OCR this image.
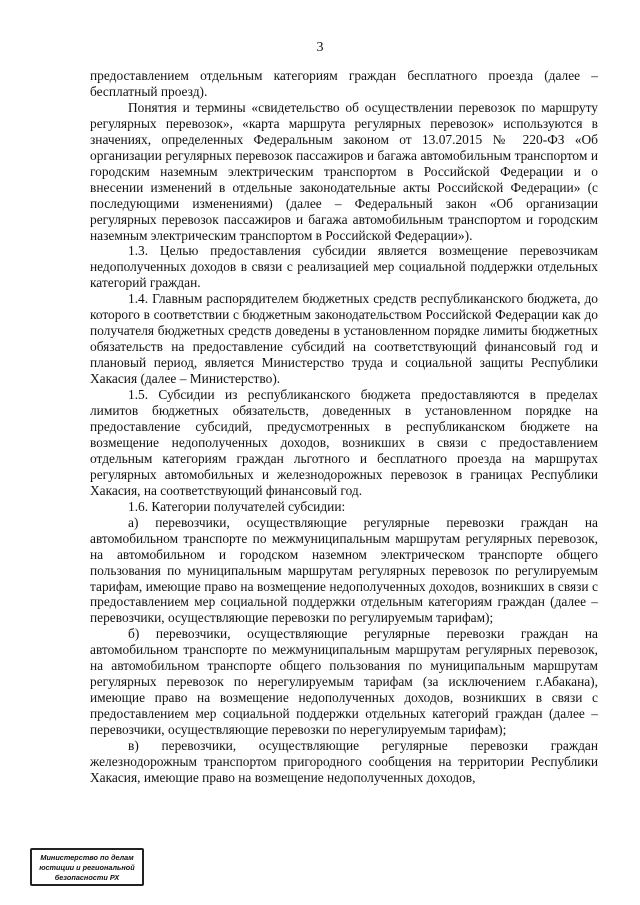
3

предоставлением отдельным категориям граждан бесплатного проезда (далее – бесплатный проезд).

Понятия и термины «свидетельство об осуществлении перевозок по маршруту регулярных перевозок», «карта маршрута регулярных перевозок» используются в значениях, определенных Федеральным законом от 13.07.2015 № 220-ФЗ «Об организации регулярных перевозок пассажиров и багажа автомобильным транспортом и городским наземным электрическим транспортом в Российской Федерации и о внесении изменений в отдельные законодательные акты Российской Федерации» (с последующими изменениями) (далее – Федеральный закон «Об организации регулярных перевозок пассажиров и багажа автомобильным транспортом и городским наземным электрическим транспортом в Российской Федерации»).

1.3. Целью предоставления субсидии является возмещение перевозчикам недополученных доходов в связи с реализацией мер социальной поддержки отдельных категорий граждан.

1.4. Главным распорядителем бюджетных средств республиканского бюджета, до которого в соответствии с бюджетным законодательством Российской Федерации как до получателя бюджетных средств доведены в установленном порядке лимиты бюджетных обязательств на предоставление субсидий на соответствующий финансовый год и плановый период, является Министерство труда и социальной защиты Республики Хакасия (далее – Министерство).

1.5. Субсидии из республиканского бюджета предоставляются в пределах лимитов бюджетных обязательств, доведенных в установленном порядке на предоставление субсидий, предусмотренных в республиканском бюджете на возмещение недополученных доходов, возникших в связи с предоставлением отдельным категориям граждан льготного и бесплатного проезда на маршрутах регулярных автомобильных и железнодорожных перевозок в границах Республики Хакасия, на соответствующий финансовый год.

1.6. Категории получателей субсидии:

а) перевозчики, осуществляющие регулярные перевозки граждан на автомобильном транспорте по межмуниципальным маршрутам регулярных перевозок, на автомобильном и городском наземном электрическом транспорте общего пользования по муниципальным маршрутам регулярных перевозок по регулируемым тарифам, имеющие право на возмещение недополученных доходов, возникших в связи с предоставлением мер социальной поддержки отдельным категориям граждан (далее – перевозчики, осуществляющие перевозки по регулируемым тарифам);

б) перевозчики, осуществляющие регулярные перевозки граждан на автомобильном транспорте по межмуниципальным маршрутам регулярных перевозок, на автомобильном транспорте общего пользования по муниципальным маршрутам регулярных перевозок по нерегулируемым тарифам (за исключением г.Абакана), имеющие право на возмещение недополученных доходов, возникших в связи с предоставлением мер социальной поддержки отдельных категорий граждан (далее – перевозчики, осуществляющие перевозки по нерегулируемым тарифам);

в) перевозчики, осуществляющие регулярные перевозки граждан железнодорожным транспортом пригородного сообщения на территории Республики Хакасия, имеющие право на возмещение недополученных доходов,

Министерство по делам
юстиции и региональной
безопасности РХ
